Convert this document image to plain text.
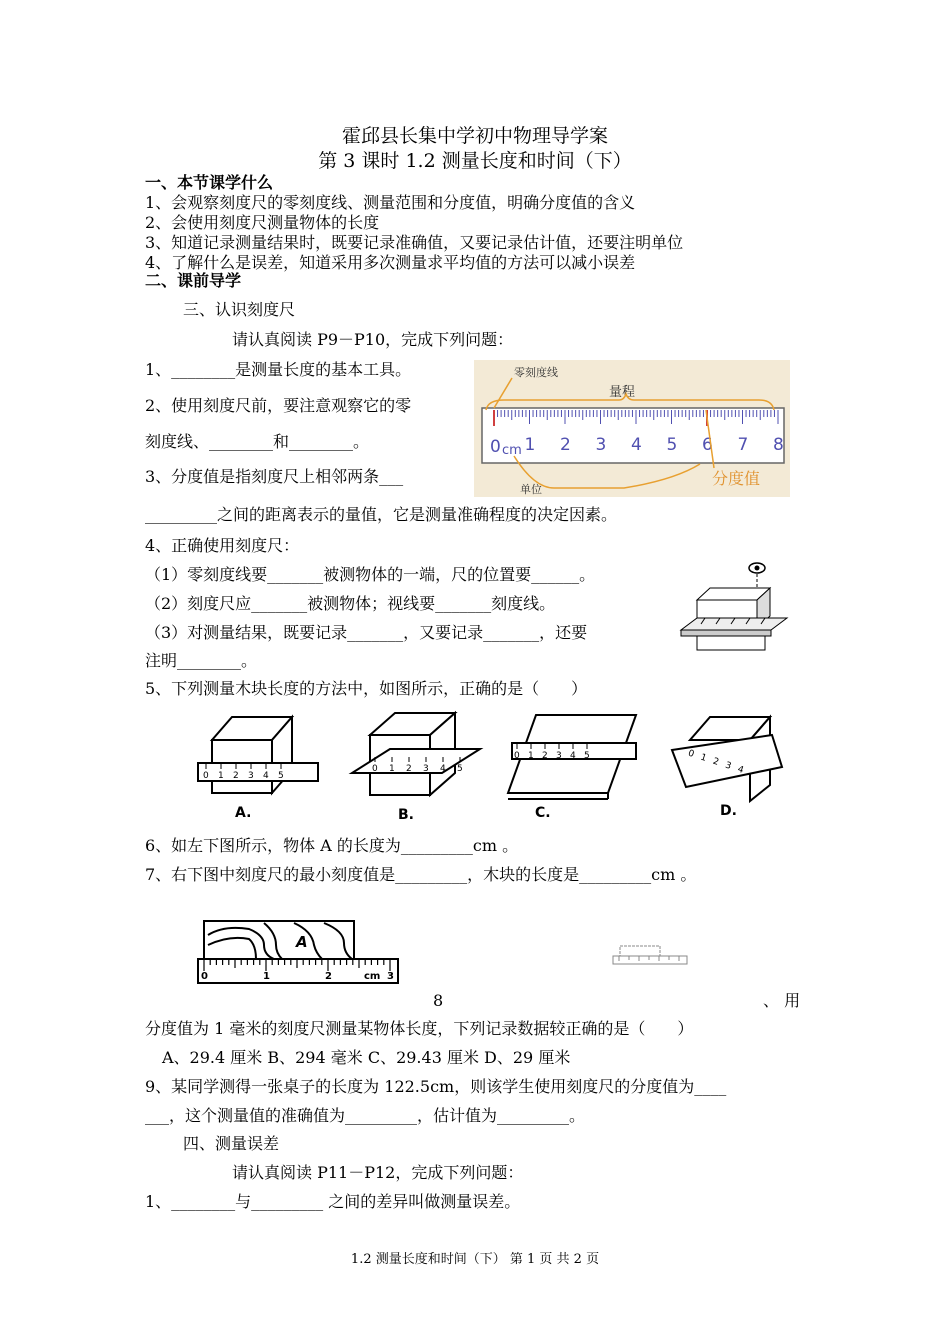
霍邱县长集中学初中物理导学案
第 3 课时 1.2 测量长度和时间（下）
一、本节课学什么
1、会观察刻度尺的零刻度线、测量范围和分度值，明确分度值的含义
2、会使用刻度尺测量物体的长度
3、知道记录测量结果时，既要记录准确值，又要记录估计值，还要注明单位
4、了解什么是误差，知道采用多次测量求平均值的方法可以减小误差
二、课前导学
三、认识刻度尺
请认真阅读 P9－P10，完成下列问题：
1、________是测量长度的基本工具。
2、使用刻度尺前，要注意观察它的零
刻度线、________和________。
3、分度值是指刻度尺上相邻两条___
_________之间的距离表示的量值，它是测量准确程度的决定因素。
4、正确使用刻度尺：
（1）零刻度线要_______被测物体的一端，尺的位置要______。
（2）刻度尺应_______被测物体；视线要_______刻度线。
（3）对测量结果，既要记录_______，又要记录_______，还要
注明________。
5、下列测量木块长度的方法中，如图所示，正确的是（　　）
6、如左下图所示，物体 A 的长度为_________cm 。
7、右下图中刻度尺的最小刻度值是_________，木块的长度是_________cm 。
8	、 用
分度值为 1 毫米的刻度尺测量某物体长度，下列记录数据较正确的是（　　）
A、29.4 厘米 B、294 毫米 C、29.43 厘米 D、29 厘米
9、某同学测得一张桌子的长度为 122.5cm，则该学生使用刻度尺的分度值为____
___，这个测量值的准确值为_________，估计值为_________。
四、测量误差
请认真阅读 P11－P12，完成下列问题：
1、________与_________ 之间的差异叫做测量误差。
1.2 测量长度和时间（下） 第 1 页 共 2 页
1 2 3 4 5 6 7 8
零刻度线
量程
0 cm
单位
分度值
0 1 2 3 4 5
A.
0 1 2 3 4 5
B.
0 1 2 3 4 5
C.
0 1 2 3 4
D.
A
0	1	2	3
cm
